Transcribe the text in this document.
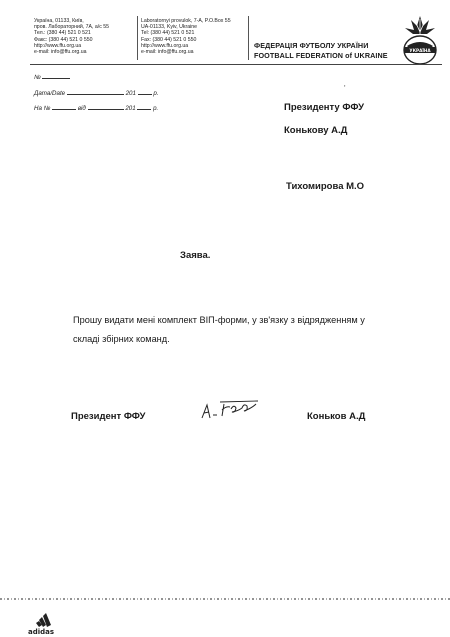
Україна, 01133, Київ,
пров. Лабораторний, 7А, а/с 55
Тел.: (380 44) 521 0 521
Факс: (380 44) 521 0 550
http://www.ffu.org.ua
e-mail: info@ffu.org.ua
Laboratornyi provulok, 7-A, P.O.Box 55
UA-01133, Kyiv, Ukraine
Tel: (380 44) 521 0 521
Fax: (380 44) 521 0 550
http://www.ffu.org.ua
e-mail: info@ffu.org.ua
ФЕДЕРАЦІЯ ФУТБОЛУ УКРАЇНИ
FOOTBALL FEDERATION of UKRAINE
УКРАЇНА
№
Дата/Date	201	р.
На №	від	201	р.
'
Президенту ФФУ
Конькову А.Д
Тихомирова М.О
Заява.
Прошу видати мені комплект ВІП-форми, у зв'язку з відрядженням у складі збірних команд.
Президент ФФУ	Коньков А.Д
adidas
